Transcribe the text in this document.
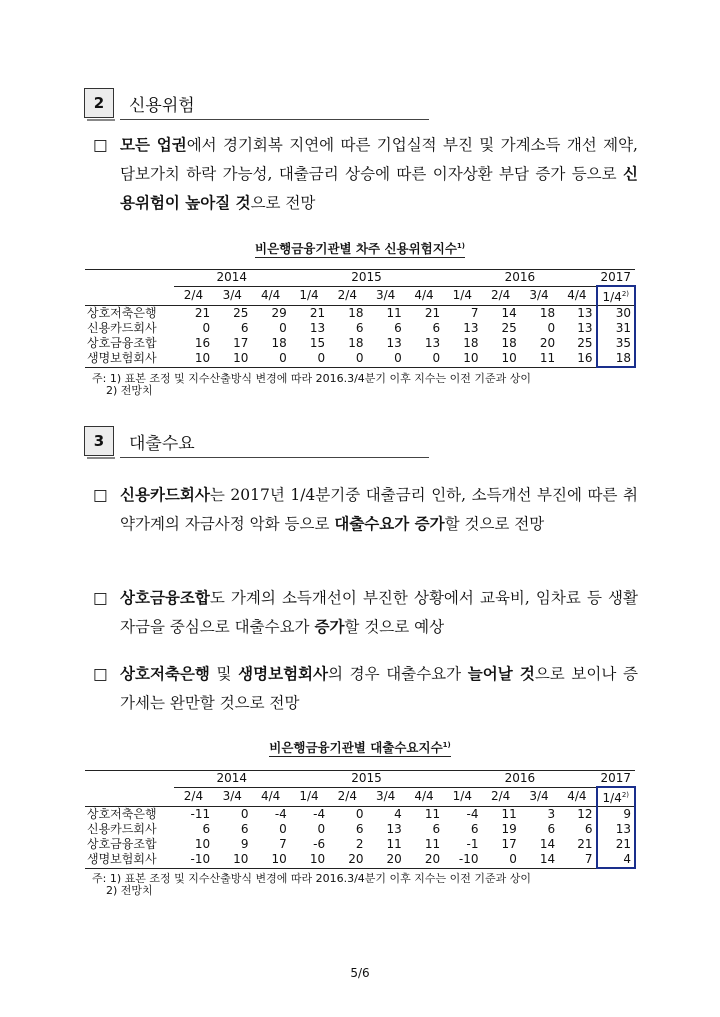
2	신용위험
□ 모든 업권에서 경기회복 지연에 따른 기업실적 부진 및 가계소득 개선 제약, 담보가치 하락 가능성, 대출금리 상승에 따른 이자상환 부담 증가 등으로 신용위험이 높아질 것으로 전망
비은행금융기관별 차주 신용위험지수$^{1)}$
	2014			2015				2016				2017
	2/4	3/4	4/4	1/4	2/4	3/4	4/4	1/4	2/4	3/4	4/4	1/4$^{2)}$
상호저축은행	21	25	29	21	18	11	21	7	14	18	13	30
신용카드회사	0	6	0	13	6	6	6	13	25	0	13	31
상호금융조합	16	17	18	15	18	13	13	18	18	20	25	35
생명보험회사	10	10	0	0	0	0	0	10	10	11	16	18
주: 1) 표본 조정 및 지수산출방식 변경에 따라 2016.3/4분기 이후 지수는 이전 기준과 상이
2) 전망치
3	대출수요
□ 신용카드회사는 2017년 1/4분기중 대출금리 인하, 소득개선 부진에 따른 취약가계의 자금사정 악화 등으로 대출수요가 증가할 것으로 전망
□ 상호금융조합도 가계의 소득개선이 부진한 상황에서 교육비, 임차료 등 생활자금을 중심으로 대출수요가 증가할 것으로 예상
□ 상호저축은행 및 생명보험회사의 경우 대출수요가 늘어날 것으로 보이나 증가세는 완만할 것으로 전망
비은행금융기관별 대출수요지수$^{1)}$
	2014			2015				2016				2017
	2/4	3/4	4/4	1/4	2/4	3/4	4/4	1/4	2/4	3/4	4/4	1/4$^{2)}$
상호저축은행	-11	0	-4	-4	0	4	11	-4	11	3	12	9
신용카드회사	6	6	0	0	6	13	6	6	19	6	6	13
상호금융조합	10	9	7	-6	2	11	11	-1	17	14	21	21
생명보험회사	-10	10	10	10	20	20	20	-10	0	14	7	4
주: 1) 표본 조정 및 지수산출방식 변경에 따라 2016.3/4분기 이후 지수는 이전 기준과 상이
2) 전망치
5/6
